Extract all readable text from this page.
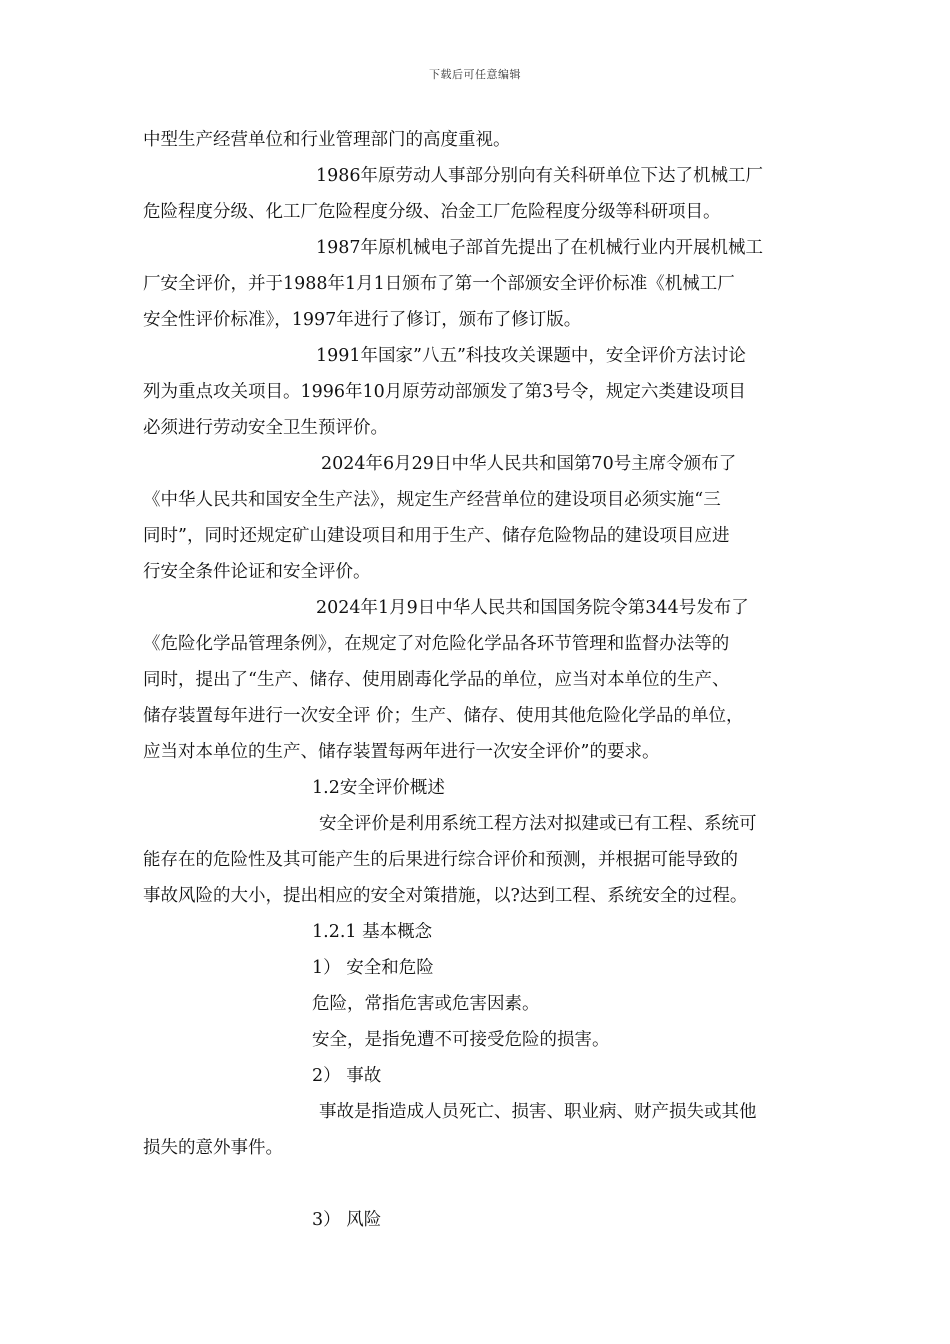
下载后可任意编辑
中型生产经营单位和行业管理部门的高度重视。
1986年原劳动人事部分别向有关科研单位下达了机械工厂
危险程度分级、化工厂危险程度分级、冶金工厂危险程度分级等科研项目。
1987年原机械电子部首先提出了在机械行业内开展机械工
厂安全评价，并于1988年1月1日颁布了第一个部颁安全评价标准《机械工厂
安全性评价标准》，1997年进行了修订，颁布了修订版。
1991年国家”八五”科技攻关课题中，安全评价方法讨论
列为重点攻关项目。1996年10月原劳动部颁发了第3号令，规定六类建设项目
必须进行劳动安全卫生预评价。
2024年6月29日中华人民共和国第70号主席令颁布了
《中华人民共和国安全生产法》，规定生产经营单位的建设项目必须实施“三
同时”，同时还规定矿山建设项目和用于生产、储存危险物品的建设项目应进
行安全条件论证和安全评价。
2024年1月9日中华人民共和国国务院令第344号发布了
《危险化学品管理条例》，在规定了对危险化学品各环节管理和监督办法等的
同时，提出了“生产、储存、使用剧毒化学品的单位，应当对本单位的生产、
储存装置每年进行一次安全评 价；生产、储存、使用其他危险化学品的单位，
应当对本单位的生产、储存装置每两年进行一次安全评价”的要求。
1.2安全评价概述
安全评价是利用系统工程方法对拟建或已有工程、系统可
能存在的危险性及其可能产生的后果进行综合评价和预测，并根据可能导致的
事故风险的大小，提出相应的安全对策措施，以?达到工程、系统安全的过程。
1.2.1 基本概念
1） 安全和危险
危险，常指危害或危害因素。
安全，是指免遭不可接受危险的损害。
2） 事故
事故是指造成人员死亡、损害、职业病、财产损失或其他
损失的意外事件。
3） 风险
